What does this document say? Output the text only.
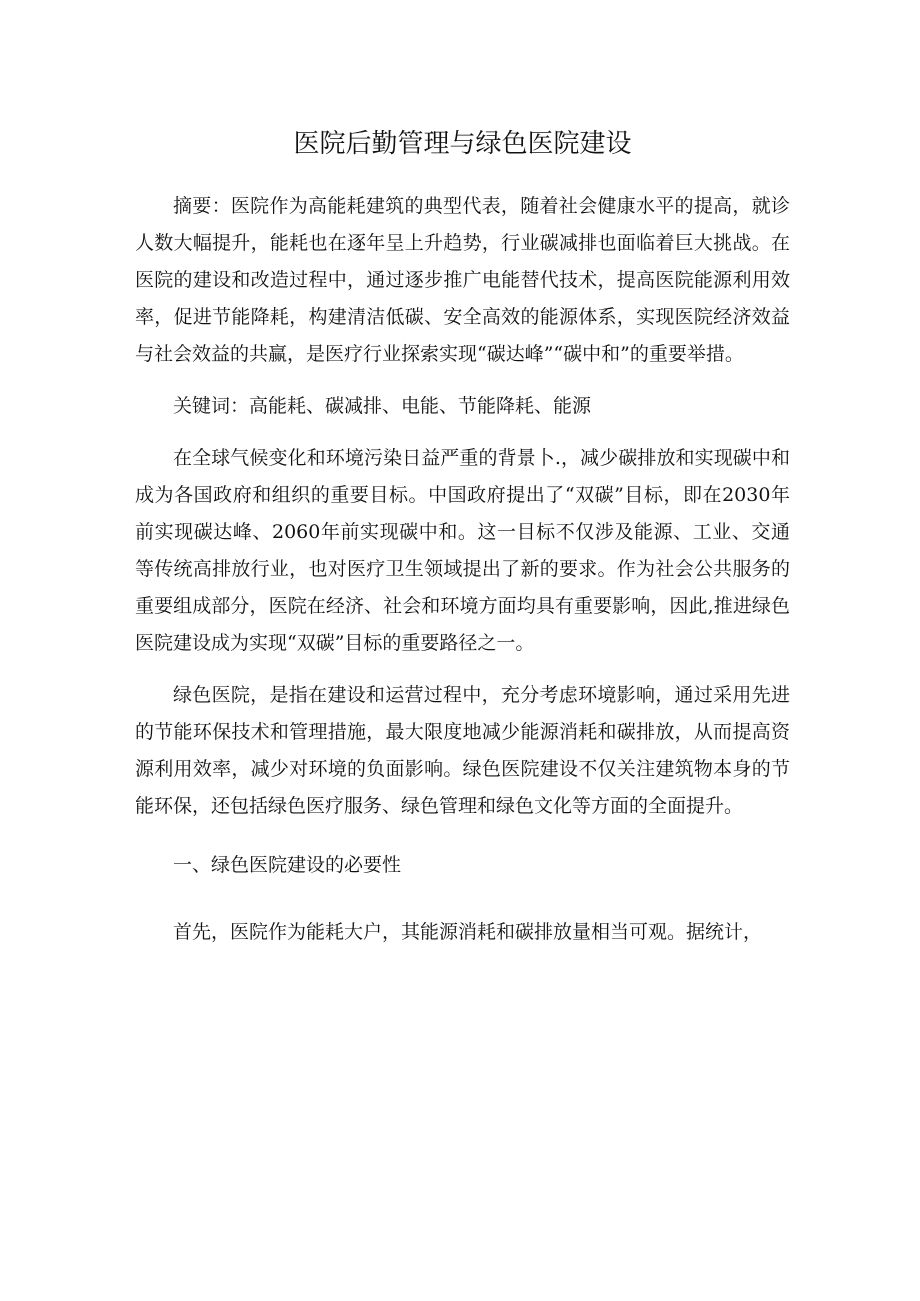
医院后勤管理与绿色医院建设

摘要：医院作为高能耗建筑的典型代表，随着社会健康水平的提高，就诊人数大幅提升，能耗也在逐年呈上升趋势，行业碳减排也面临着巨大挑战。在医院的建设和改造过程中，通过逐步推广电能替代技术，提高医院能源利用效率，促进节能降耗，构建清洁低碳、安全高效的能源体系，实现医院经济效益与社会效益的共赢，是医疗行业探索实现“碳达峰”“碳中和”的重要举措。

关键词：高能耗、碳减排、电能、节能降耗、能源

在全球气候变化和环境污染日益严重的背景卜.，减少碳排放和实现碳中和成为各国政府和组织的重要目标。中国政府提出了“双碳”目标，即在2030年前实现碳达峰、2060年前实现碳中和。这一目标不仅涉及能源、工业、交通等传统高排放行业，也对医疗卫生领域提出了新的要求。作为社会公共服务的重要组成部分，医院在经济、社会和环境方面均具有重要影响，因此,推进绿色医院建设成为实现“双碳”目标的重要路径之一。

绿色医院，是指在建设和运营过程中，充分考虑环境影响，通过采用先进的节能环保技术和管理措施，最大限度地减少能源消耗和碳排放，从而提高资源利用效率，减少对环境的负面影响。绿色医院建设不仅关注建筑物本身的节能环保，还包括绿色医疗服务、绿色管理和绿色文化等方面的全面提升。

一、绿色医院建设的必要性

首先，医院作为能耗大户，其能源消耗和碳排放量相当可观。据统计，
